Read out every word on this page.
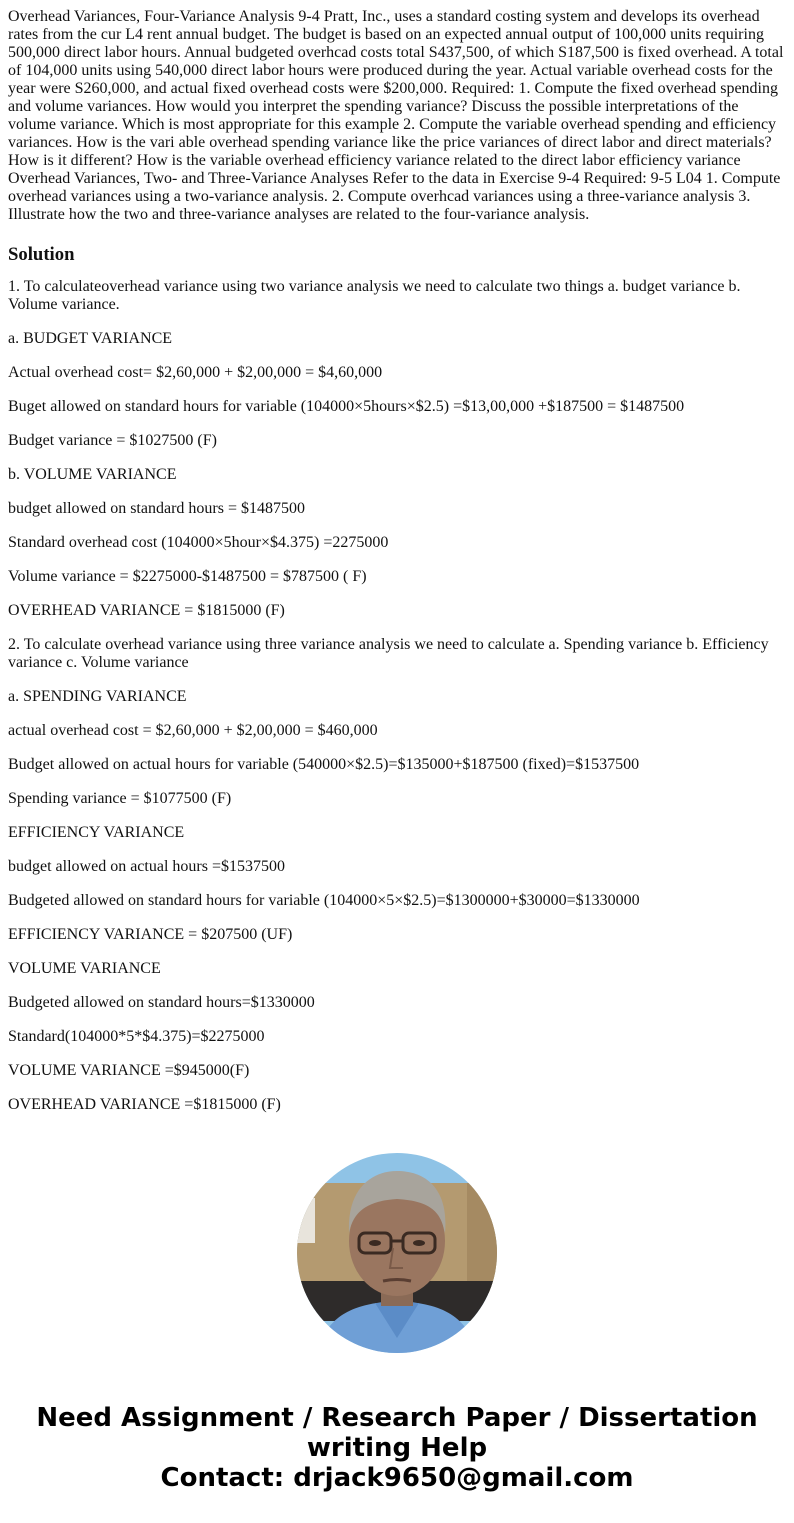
Overhead Variances, Four-Variance Analysis 9-4 Pratt, Inc., uses a standard costing system and develops its overhead rates from the cur L4 rent annual budget. The budget is based on an expected annual output of 100,000 units requiring 500,000 direct labor hours. Annual budgeted overhcad costs total S437,500, of which S187,500 is fixed overhead. A total of 104,000 units using 540,000 direct labor hours were produced during the year. Actual variable overhead costs for the year were S260,000, and actual fixed overhead costs were $200,000. Required: 1. Compute the fixed overhead spending and volume variances. How would you interpret the spending variance? Discuss the possible interpretations of the volume variance. Which is most appropriate for this example 2. Compute the variable overhead spending and efficiency variances. How is the vari able overhead spending variance like the price variances of direct labor and direct materials? How is it different? How is the variable overhead efficiency variance related to the direct labor efficiency variance Overhead Variances, Two- and Three-Variance Analyses Refer to the data in Exercise 9-4 Required: 9-5 L04 1. Compute overhead variances using a two-variance analysis. 2. Compute overhcad variances using a three-variance analysis 3. Illustrate how the two and three-variance analyses are related to the four-variance analysis.

Solution

1. To calculateoverhead variance using two variance analysis we need to calculate two things a. budget variance b. Volume variance.

a. BUDGET VARIANCE

Actual overhead cost= $2,60,000 + $2,00,000 = $4,60,000

Buget allowed on standard hours for variable (104000×5hours×$2.5) =$13,00,000 +$187500 = $1487500

Budget variance = $1027500 (F)

b. VOLUME VARIANCE

budget allowed on standard hours = $1487500

Standard overhead cost (104000×5hour×$4.375) =2275000

Volume variance = $2275000-$1487500 = $787500 ( F)

OVERHEAD VARIANCE = $1815000 (F)

2. To calculate overhead variance using three variance analysis we need to calculate a. Spending variance b. Efficiency variance c. Volume variance

a. SPENDING VARIANCE

actual overhead cost = $2,60,000 + $2,00,000 = $460,000

Budget allowed on actual hours for variable (540000×$2.5)=$135000+$187500 (fixed)=$1537500

Spending variance = $1077500 (F)

EFFICIENCY VARIANCE

budget allowed on actual hours =$1537500

Budgeted allowed on standard hours for variable (104000×5×$2.5)=$1300000+$30000=$1330000

EFFICIENCY VARIANCE = $207500 (UF)

VOLUME VARIANCE

Budgeted allowed on standard hours=$1330000

Standard(104000*5*$4.375)=$2275000

VOLUME VARIANCE =$945000(F)

OVERHEAD VARIANCE =$1815000 (F)

Need Assignment / Research Paper / Dissertation
writing Help
Contact: drjack9650@gmail.com
